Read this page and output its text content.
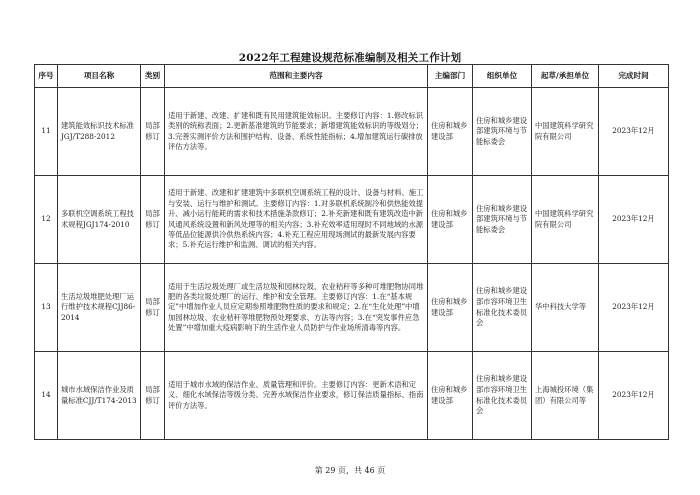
2022年工程建设规范标准编制及相关工作计划
序号	项目名称	类别	范围和主要内容	主编部门	组织单位	起草/承担单位	完成时间
11	建筑能效标识技术标准JGJ/T288-2012	局部修订	适用于新建、改建、扩建和既有民用建筑能效标识。主要修订内容：1.修改标识类别的统称表面；2.更新基准建筑的节能要求；新增建筑能效标识的等级划分；3.完善实测评价方法和围护结构、设备、系统性能指标；4.增加建筑运行碳排放评估方法等。	住房和城乡建设部	住房和城乡建设部建筑环境与节能标委会	中国建筑科学研究院有限公司	2023年12月
12	多联机空调系统工程技术规程JGJ174-2010	局部修订	适用于新建、改建和扩建建筑中多联机空调系统工程的设计、设备与材料、施工与安装、运行与维护和测试。主要修订内容：1.对多联机系统制冷和供热能效提升、减小运行能耗的需求和技术措施条款修订；2.补充新建和既有建筑改造中新风通风系统设置和新风处理等的相关内容；3.补充效率适用现时不同地域的水源等低品位能源供冷供热系统内容；4.补充工程应用现场测试的最新发展内容要求；5.补充运行维护和监测、调试的相关内容。	住房和城乡建设部	住房和城乡建设部建筑环境与节能标委会	中国建筑科学研究院有限公司	2023年12月
13	生活垃圾堆肥处理厂运行维护技术规程CJJ86-2014	局部修订	适用于生活垃圾处理厂或生活垃圾和园林垃圾、农业秸秆等多种可堆肥物协同堆肥的各类垃圾处理厂的运行、维护和安全管理。主要修订内容：1.在“基本规定”中增加作业人员应定期参照堆肥物性质的要求和规定；2.在“生化处理”中增加园林垃圾、农业秸秆等堆肥物预处理要求、方法等内容；3.在“突发事件应急处置”中增加重大疫病影响下的生活作业人员防护与作业场所清毒等内容。	住房和城乡建设部	住房和城乡建设部市容环境卫生标准化技术委员会	华中科技大学等	2023年12月
14	城市水域保洁作业及质量标准CJJ/T174-2013	局部修订	适用于城市水域的保洁作业、质量管理和评价。主要修订内容：更新术语和定义、细化水域保洁等级分类、完善水域保洁作业要求，修订保洁质量指标、指南评价方法等。	住房和城乡建设部	住房和城乡建设部市容环境卫生标准化技术委员会	上海城投环境（集团）有限公司等	2023年12月
第 29 页，共 46 页
